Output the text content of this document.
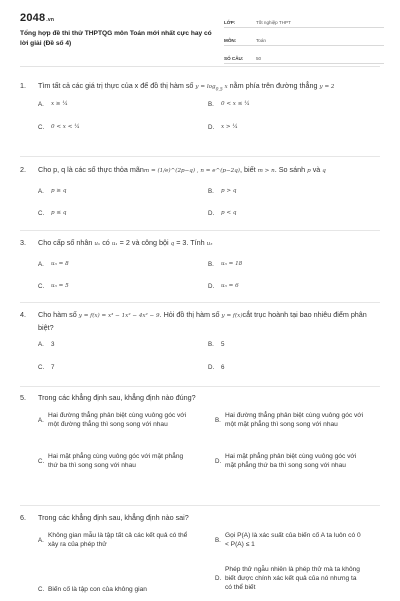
2048.vn
Tổng hợp đề thi thử THPTQG môn Toán mới nhất cực hay có lời giải (Đề số 4)
LỚP:	Tốt nghiệp THPT
MÔN:	Toán
SỐ CÂU:	50
1.	Tìm tất cả các giá trị thực của x để đồ thị hàm số $y = \log_{0,5} x$ nằm phía trên đường thẳng y = 2
A.	x ≥ ¼	B.	0 < x ≤ ¼
C.	0 < x < ¼	D.	x > ¼
2.	Cho p, q là các số thực thỏa mãnm = (1/e)^(2p−q) , n = e^(p−2q), biết m > n. So sánh p và q
A.	p ≥ q	B.	p > q
C.	p ≤ q	D.	p < q
3.	Cho cấp số nhân uₙ có u₁ = 2 và công bội q = 3. Tính u₃
A.	u₃ = 8	B.	u₃ = 18
C.	u₃ = 5	D.	u₃ = 6
4.	Cho hàm số y = f(x) = x³ − 1x² − 4x² − 9. Hỏi đồ thị hàm số y = f(x)cắt trục hoành tại bao nhiêu điểm phân biệt?
A.	3	B.	5
C.	7	D.	6
5.	Trong các khẳng định sau, khẳng định nào đúng?
A.
Hai đường thẳng phân biệt cùng vuông góc với một đường thẳng thì song song với nhau
B.
Hai đường thẳng phân biệt cùng vuông góc với một mặt phẳng thì song song với nhau
C.
Hai mặt phẳng cùng vuông góc với mặt phẳng thứ ba thì song song với nhau
D.
Hai mặt phẳng phân biệt cùng vuông góc với mặt phẳng thứ ba thì song song với nhau
6.	Trong các khẳng định sau, khẳng định nào sai?
A.
Không gian mẫu là tập tất cả các kết quả có thể xảy ra của phép thử
B.
Gọi P(A) là xác suất của biến cố A ta luôn có 0 < P(A) ≤ 1
C. Biến cố là tập con của không gian
D.
Phép thử ngẫu nhiên là phép thử mà ta không biết được chính xác kết quả của nó nhưng ta có thể biết
